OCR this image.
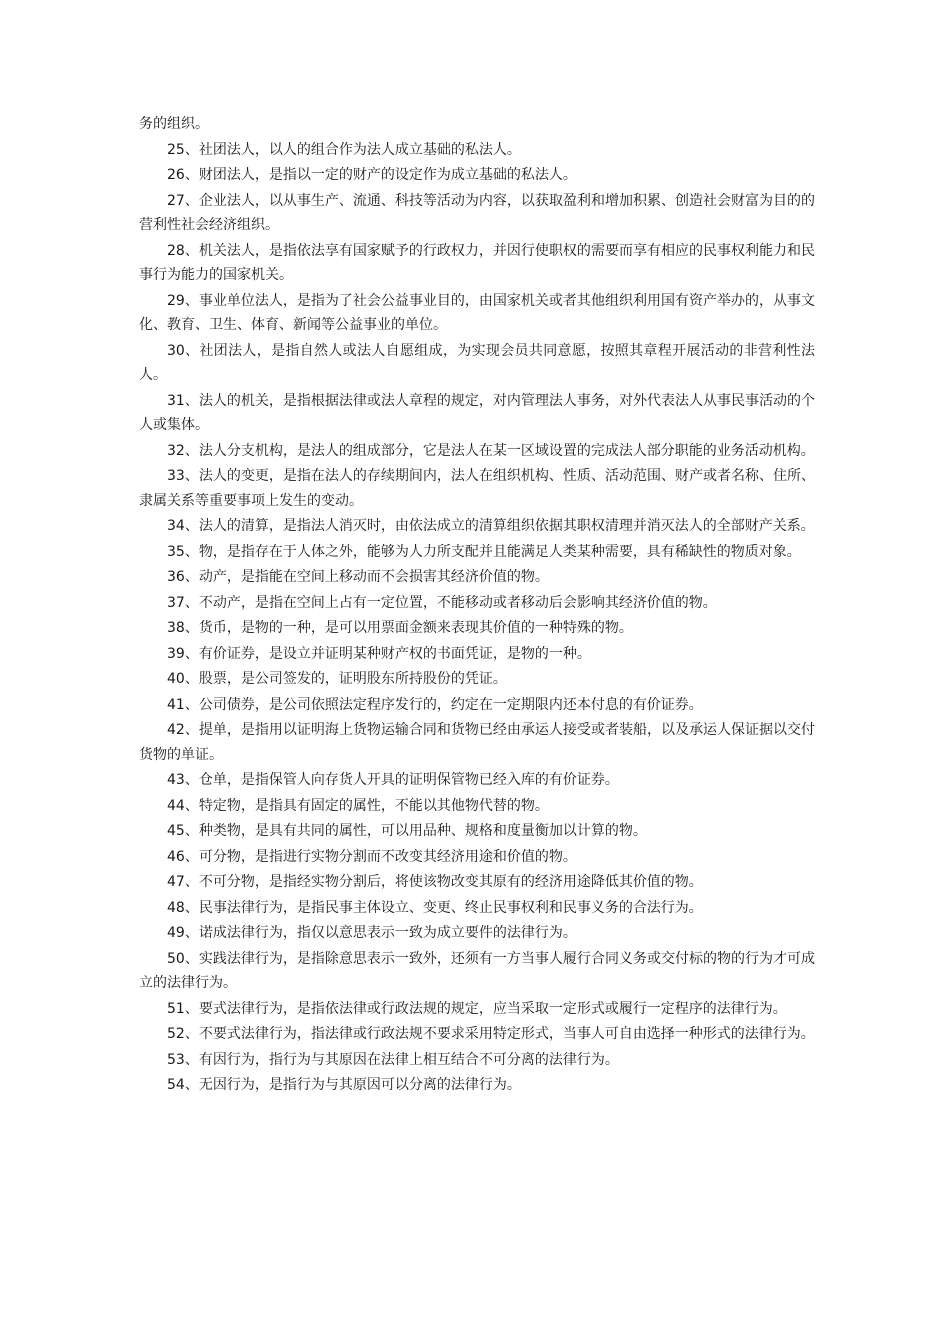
务的组织。

25、社团法人，以人的组合作为法人成立基础的私法人。

26、财团法人，是指以一定的财产的设定作为成立基础的私法人。

27、企业法人，以从事生产、流通、科技等活动为内容，以获取盈利和增加积累、创造社会财富为目的的营利性社会经济组织。

28、机关法人，是指依法享有国家赋予的行政权力，并因行使职权的需要而享有相应的民事权利能力和民事行为能力的国家机关。

29、事业单位法人，是指为了社会公益事业目的，由国家机关或者其他组织利用国有资产举办的，从事文化、教育、卫生、体育、新闻等公益事业的单位。

30、社团法人，是指自然人或法人自愿组成，为实现会员共同意愿，按照其章程开展活动的非营利性法人。

31、法人的机关，是指根据法律或法人章程的规定，对内管理法人事务，对外代表法人从事民事活动的个人或集体。

32、法人分支机构，是法人的组成部分，它是法人在某一区域设置的完成法人部分职能的业务活动机构。

33、法人的变更，是指在法人的存续期间内，法人在组织机构、性质、活动范围、财产或者名称、住所、隶属关系等重要事项上发生的变动。

34、法人的清算，是指法人消灭时，由依法成立的清算组织依据其职权清理并消灭法人的全部财产关系。

35、物，是指存在于人体之外，能够为人力所支配并且能满足人类某种需要，具有稀缺性的物质对象。

36、动产，是指能在空间上移动而不会损害其经济价值的物。

37、不动产，是指在空间上占有一定位置，不能移动或者移动后会影响其经济价值的物。

38、货币，是物的一种，是可以用票面金额来表现其价值的一种特殊的物。

39、有价证券，是设立并证明某种财产权的书面凭证，是物的一种。

40、股票，是公司签发的，证明股东所持股份的凭证。

41、公司债券，是公司依照法定程序发行的，约定在一定期限内还本付息的有价证券。

42、提单，是指用以证明海上货物运输合同和货物已经由承运人接受或者装船，以及承运人保证据以交付货物的单证。

43、仓单，是指保管人向存货人开具的证明保管物已经入库的有价证券。

44、特定物，是指具有固定的属性，不能以其他物代替的物。

45、种类物，是具有共同的属性，可以用品种、规格和度量衡加以计算的物。

46、可分物，是指进行实物分割而不改变其经济用途和价值的物。

47、不可分物，是指经实物分割后，将使该物改变其原有的经济用途降低其价值的物。

48、民事法律行为，是指民事主体设立、变更、终止民事权利和民事义务的合法行为。

49、诺成法律行为，指仅以意思表示一致为成立要件的法律行为。

50、实践法律行为，是指除意思表示一致外，还须有一方当事人履行合同义务或交付标的物的行为才可成立的法律行为。

51、要式法律行为，是指依法律或行政法规的规定，应当采取一定形式或履行一定程序的法律行为。

52、不要式法律行为，指法律或行政法规不要求采用特定形式，当事人可自由选择一种形式的法律行为。

53、有因行为，指行为与其原因在法律上相互结合不可分离的法律行为。

54、无因行为，是指行为与其原因可以分离的法律行为。
